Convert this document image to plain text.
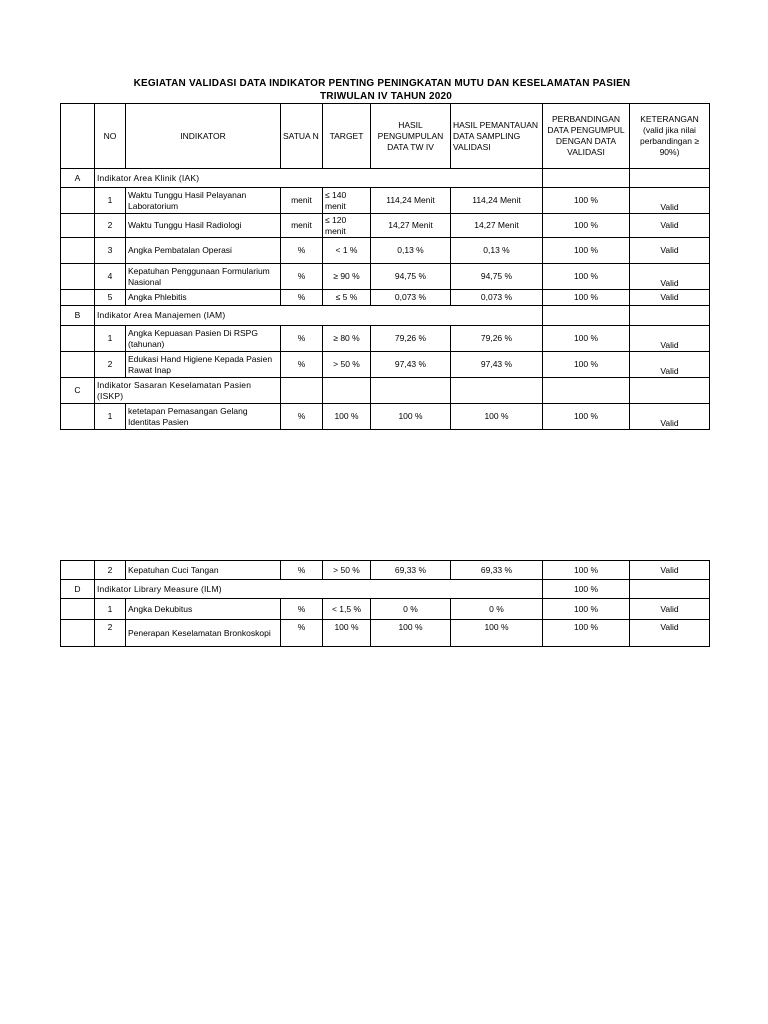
KEGIATAN VALIDASI DATA INDIKATOR PENTING PENINGKATAN MUTU DAN KESELAMATAN PASIEN
TRIWULAN IV TAHUN 2020
	NO	INDIKATOR	SATUA N	TARGET	HASIL PENGUMPULAN DATA TW IV	HASIL PEMANTAUAN DATA SAMPLING VALIDASI	PERBANDINGAN DATA PENGUMPUL DENGAN DATA VALIDASI	KETERANGAN (valid jika nilai perbandingan ≥ 90%)
A	Indikator Area Klinik (IAK)							
	1	Waktu Tunggu Hasil Pelayanan Laboratorium	menit	≤ 140 menit	114,24 Menit	114,24 Menit	100 %	Valid
	2	Waktu Tunggu Hasil Radiologi	menit	≤ 120 menit	14,27 Menit	14,27 Menit	100 %	Valid
	3	Angka Pembatalan Operasi	%	< 1 %	0,13 %	0,13 %	100 %	Valid
	4	Kepatuhan Penggunaan Formularium Nasional	%	≥ 90 %	94,75 %	94,75 %	100 %	Valid
	5	Angka Phlebitis	%	≤ 5 %	0,073 %	0,073 %	100 %	Valid
B	Indikator Area Manajemen (IAM)							
	1	Angka Kepuasan Pasien Di RSPG (tahunan)	%	≥ 80 %	79,26 %	79,26 %	100 %	Valid
	2	Edukasi Hand Higiene Kepada Pasien Rawat Inap	%	> 50 %	97,43 %	97,43 %	100 %	Valid
C	Indikator Sasaran Keselamatan Pasien (ISKP)							
	1	ketetapan Pemasangan Gelang Identitas Pasien	%	100 %	100 %	100 %	100 %	Valid
	2	Kepatuhan Cuci Tangan	%	> 50 %	69,33 %	69,33 %	100 %	Valid
D	Indikator Library Measure (ILM)						100 %	
	1	Angka Dekubitus	%	< 1,5 %	0 %	0 %	100 %	Valid
	2	Penerapan Keselamatan Bronkoskopi	%	100 %	100 %	100 %	100 %	Valid
